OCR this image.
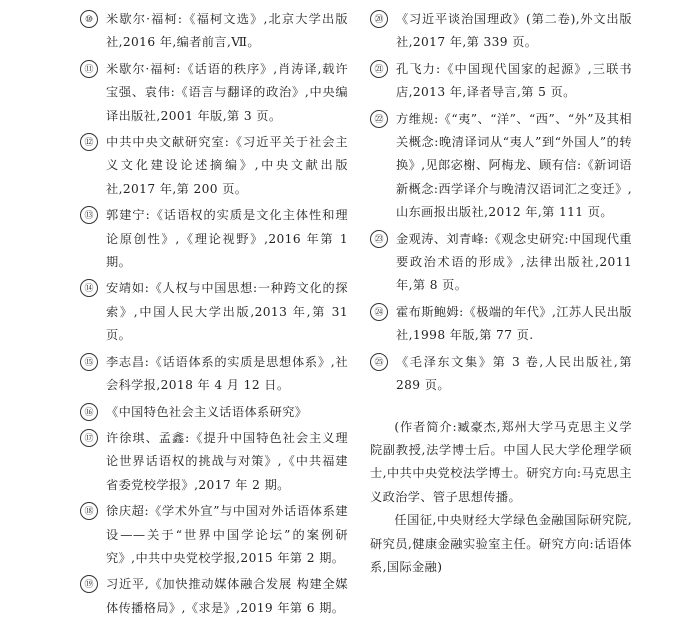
⑩	米歇尔·福柯:《福柯文选》,北京大学出版社,2016 年,编者前言,Ⅶ。
⑪	米歇尔·福柯:《话语的秩序》,肖涛译,载许宝强、袁伟:《语言与翻译的政治》,中央编译出版社,2001 年版,第 3 页。
⑫	中共中央文献研究室:《习近平关于社会主义文化建设论述摘编》,中央文献出版社,2017 年,第 200 页。
⑬	郭建宁:《话语权的实质是文化主体性和理论原创性》,《理论视野》,2016 年第 1 期。
⑭	安靖如:《人权与中国思想:一种跨文化的探索》,中国人民大学出版,2013 年,第 31 页。
⑮	李志昌:《话语体系的实质是思想体系》,社会科学报,2018 年 4 月 12 日。
⑯	《中国特色社会主义话语体系研究》
⑰	许徐琪、孟鑫:《提升中国特色社会主义理论世界话语权的挑战与对策》,《中共福建省委党校学报》,2017 年 2 期。
⑱	徐庆超:《学术外宣”与中国对外话语体系建设——关于“世界中国学论坛”的案例研究》,中共中央党校学报,2015 年第 2 期。
⑲	习近平,《加快推动媒体融合发展 构建全媒体传播格局》,《求是》,2019 年第 6 期。
⑳	《习近平谈治国理政》(第二卷),外文出版社,2017 年,第 339 页。
㉑	孔飞力:《中国现代国家的起源》,三联书店,2013 年,译者导言,第 5 页。
㉒	方维规:《“夷”、“洋”、“西”、“外”及其相关概念:晚清译词从“夷人”到“外国人”的转换》,见郎宓榭、阿梅龙、顾有信:《新词语新概念:西学译介与晚清汉语词汇之变迁》,山东画报出版社,2012 年,第 111 页。
㉓	金观涛、刘青峰:《观念史研究:中国现代重要政治术语的形成》,法律出版社,2011 年,第 8 页。
㉔	霍布斯鲍姆:《极端的年代》,江苏人民出版社,1998 年版,第 77 页.
㉕	《毛泽东文集》第 3 卷,人民出版社,第 289 页。

(作者简介:臧豪杰,郑州大学马克思主义学院副教授,法学博士后。中国人民大学伦理学硕士,中共中央党校法学博士。研究方向:马克思主义政治学、管子思想传播。

任国征,中央财经大学绿色金融国际研究院,研究员,健康金融实验室主任。研究方向:话语体系,国际金融)
